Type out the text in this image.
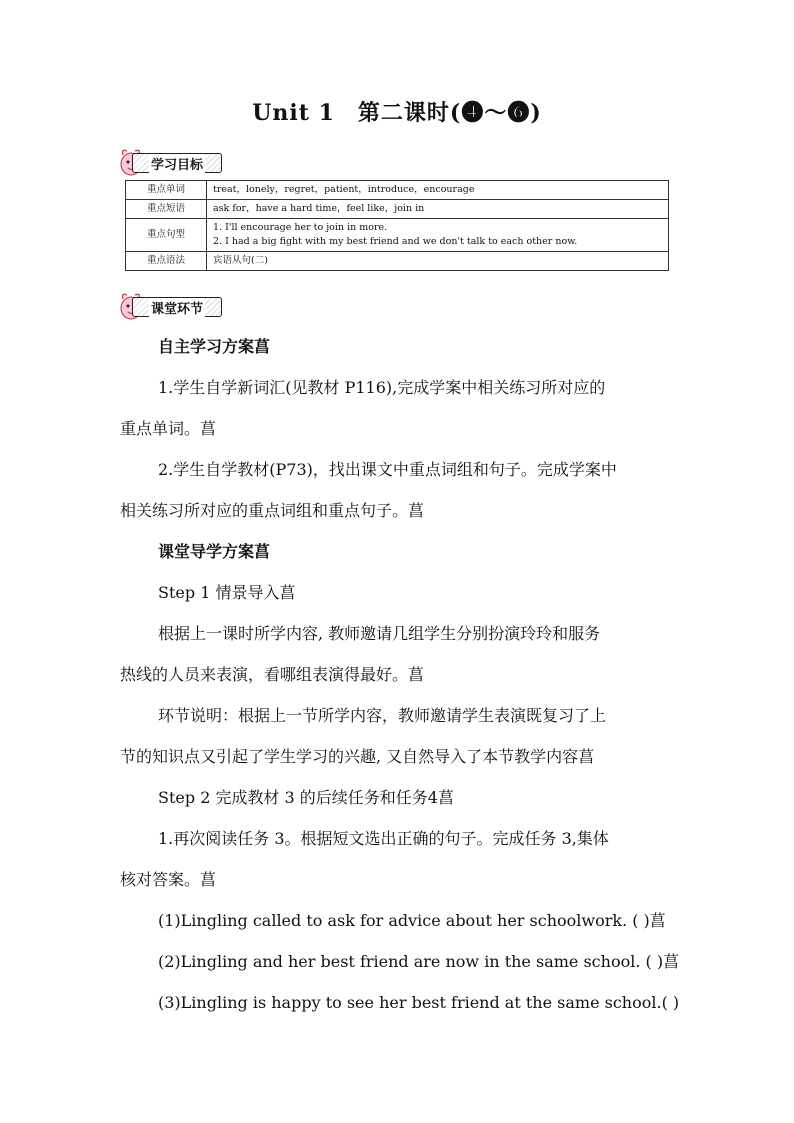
Unit 1　第二课时(❹～❻)
学习目标
重点单词	treat，lonely，regret，patient，introduce，encourage
重点短语	ask for，have a hard time，feel like，join in
重点句型	1. I'll encourage her to join in more.
2. I had a big fight with my best friend and we don't talk to each other now.

重点语法	宾语从句(二)
课堂环节
自主学习方案菖
1.学生自学新词汇(见教材 P116),完成学案中相关练习所对应的
重点单词。菖
2.学生自学教材(P73)，找出课文中重点词组和句子。完成学案中
相关练习所对应的重点词组和重点句子。菖
课堂导学方案菖
Step 1 情景导入菖
根据上一课时所学内容, 教师邀请几组学生分别扮演玲玲和服务
热线的人员来表演，看哪组表演得最好。菖
环节说明：根据上一节所学内容，教师邀请学生表演既复习了上
节的知识点又引起了学生学习的兴趣, 又自然导入了本节教学内容菖
Step 2 完成教材 3 的后续任务和任务4菖
1.再次阅读任务 3。根据短文选出正确的句子。完成任务 3,集体
核对答案。菖
(1)Lingling called to ask for advice about her schoolwork. ( )菖
(2)Lingling and her best friend are now in the same school. ( )菖
(3)Lingling is happy to see her best friend at the same school.( )
